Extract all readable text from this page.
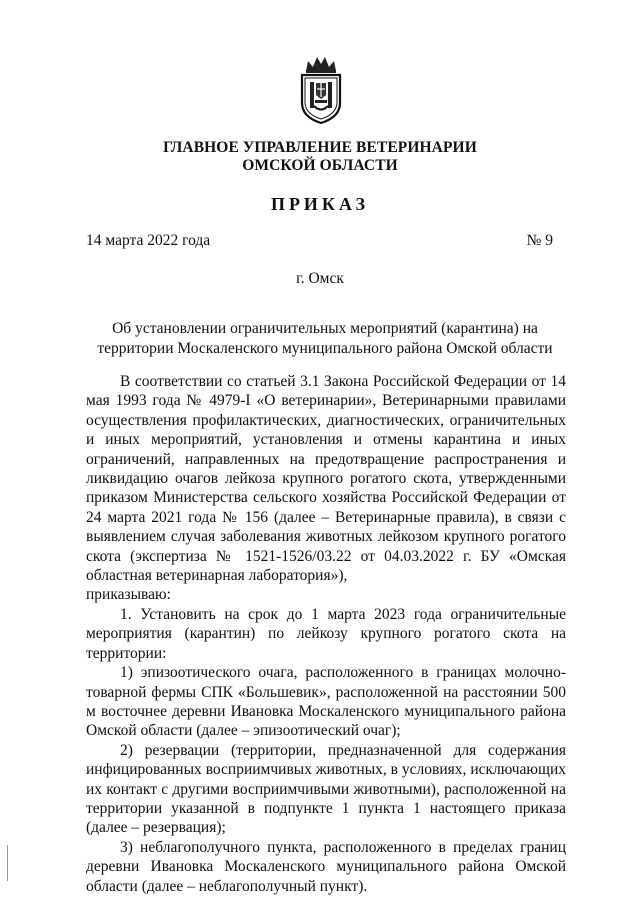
ГЛАВНОЕ УПРАВЛЕНИЕ ВЕТЕРИНАРИИ
ОМСКОЙ ОБЛАСТИ
ПРИКАЗ
14 марта 2022 года	№ 9
г. Омск
Об установлении ограничительных мероприятий (карантина) на территории Москаленского муниципального района Омской области

В соответствии со статьей 3.1 Закона Российской Федерации от 14 мая 1993 года № 4979-I «О ветеринарии», Ветеринарными правилами осуществления профилактических, диагностических, ограничительных и иных мероприятий, установления и отмены карантина и иных ограничений, направленных на предотвращение распространения и ликвидацию очагов лейкоза крупного рогатого скота, утвержденными приказом Министерства сельского хозяйства Российской Федерации от 24 марта 2021 года № 156 (далее – Ветеринарные правила), в связи с выявлением случая заболевания животных лейкозом крупного рогатого скота (экспертиза № 1521-1526/03.22 от 04.03.2022 г. БУ «Омская областная ветеринарная лаборатория»),

приказываю:

1. Установить на срок до 1 марта 2023 года ограничительные мероприятия (карантин) по лейкозу крупного рогатого скота на территории:

1) эпизоотического очага, расположенного в границах молочно-товарной фермы СПК «Большевик», расположенной на расстоянии 500 м восточнее деревни Ивановка Москаленского муниципального района Омской области (далее – эпизоотический очаг);

2) резервации (территории, предназначенной для содержания инфицированных восприимчивых животных, в условиях, исключающих их контакт с другими восприимчивыми животными), расположенной на территории указанной в подпункте 1 пункта 1 настоящего приказа (далее – резервация);

3) неблагополучного пункта, расположенного в пределах границ деревни Ивановка Москаленского муниципального района Омской области (далее – неблагополучный пункт).
